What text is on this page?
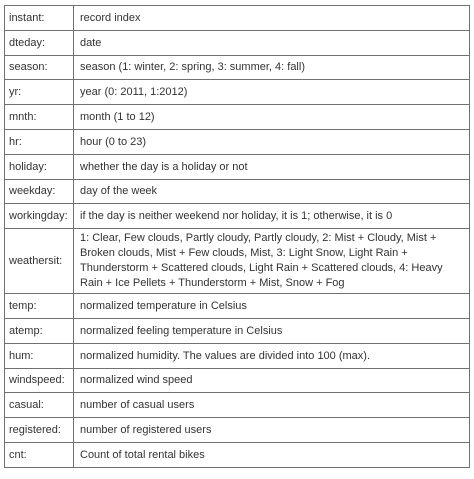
instant:	record index
dteday:	date
season:	season (1: winter, 2: spring, 3: summer, 4: fall)
yr:	year (0: 2011, 1:2012)
mnth:	month (1 to 12)
hr:	hour (0 to 23)
holiday:	whether the day is a holiday or not
weekday:	day of the week
workingday:	if the day is neither weekend nor holiday, it is 1; otherwise, it is 0
weathersit:	1: Clear, Few clouds, Partly cloudy, Partly cloudy, 2: Mist + Cloudy, Mist + Broken clouds, Mist + Few clouds, Mist, 3: Light Snow, Light Rain + Thunderstorm + Scattered clouds, Light Rain + Scattered clouds, 4: Heavy Rain + Ice Pellets + Thunderstorm + Mist, Snow + Fog
temp:	normalized temperature in Celsius
atemp:	normalized feeling temperature in Celsius
hum:	normalized humidity. The values are divided into 100 (max).
windspeed:	normalized wind speed
casual:	number of casual users
registered:	number of registered users
cnt:	Count of total rental bikes
